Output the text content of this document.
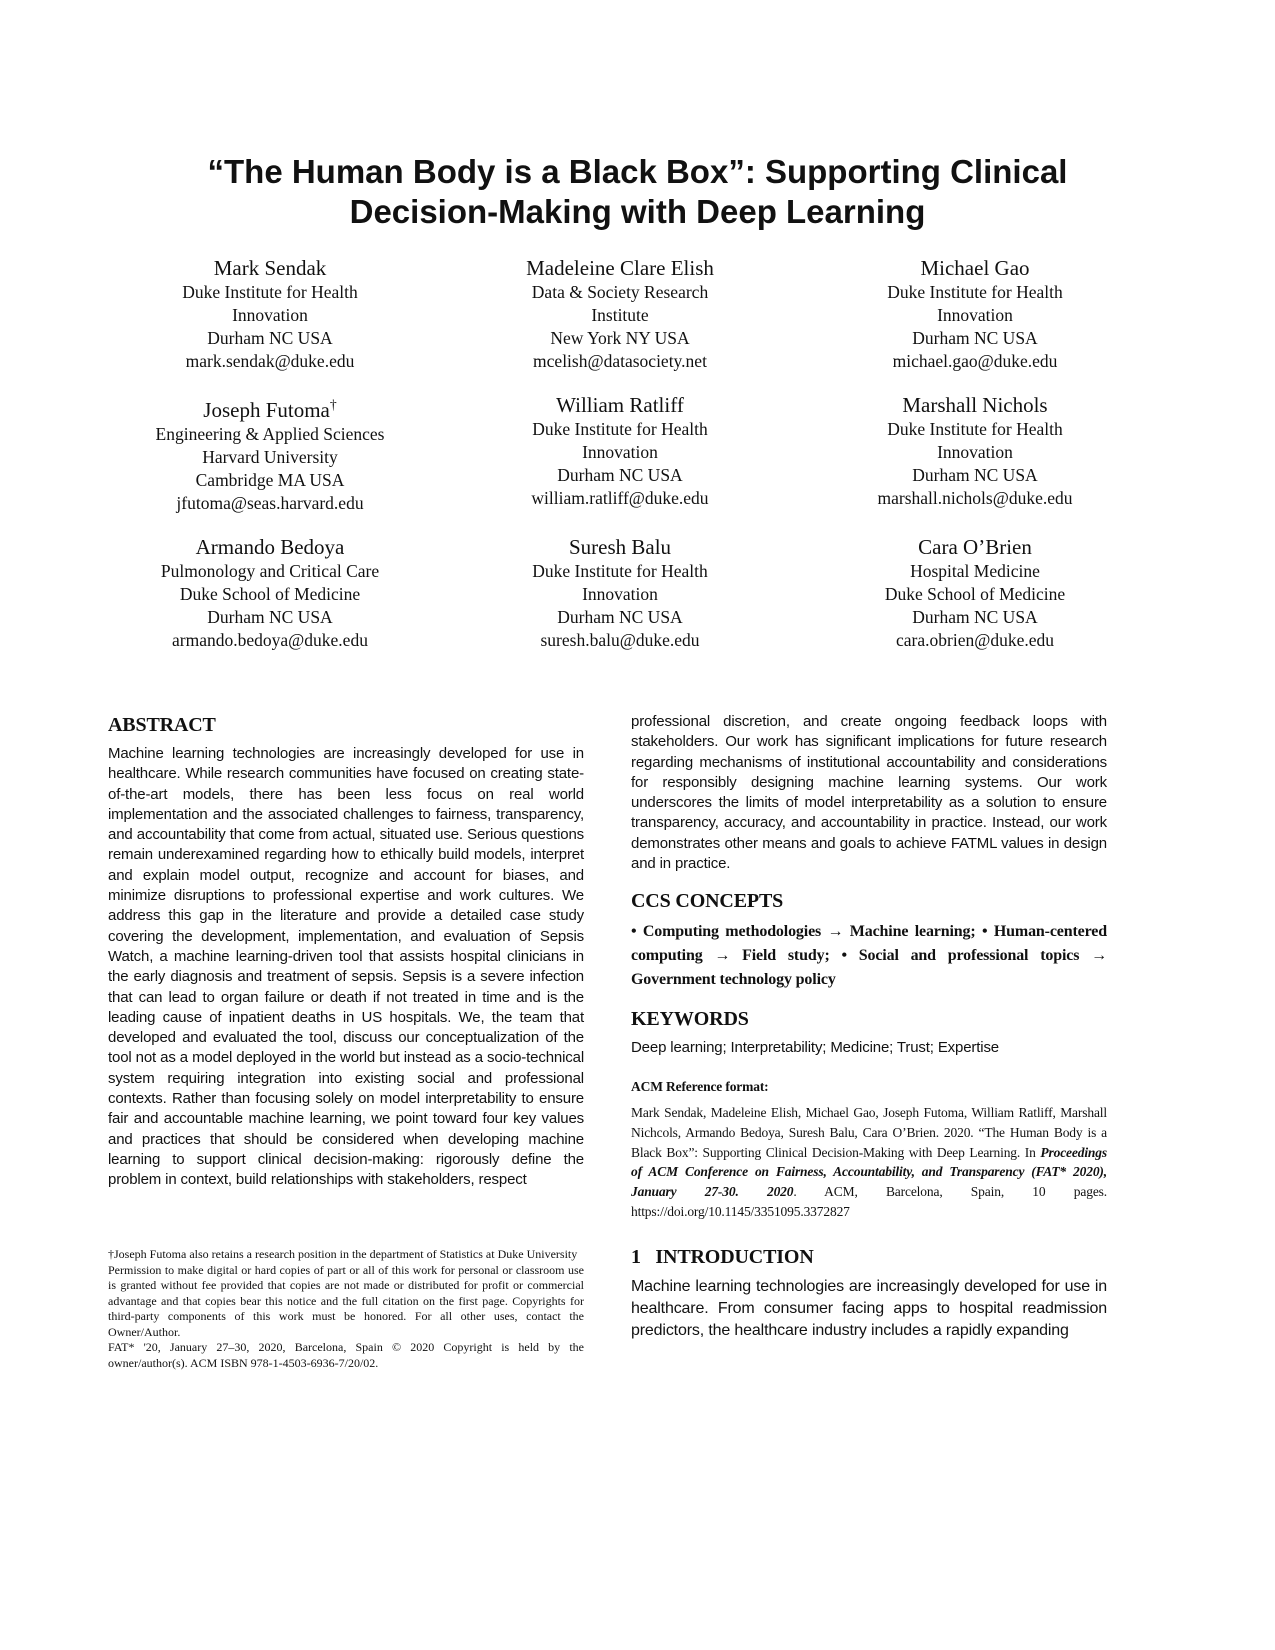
“The Human Body is a Black Box”: Supporting Clinical
Decision-Making with Deep Learning
Mark Sendak
Duke Institute for Health
Innovation
Durham NC USA
mark.sendak@duke.edu
Madeleine Clare Elish
Data & Society Research
Institute
New York NY USA
mcelish@datasociety.net
Michael Gao
Duke Institute for Health
Innovation
Durham NC USA
michael.gao@duke.edu
Joseph Futoma†
Engineering & Applied Sciences
Harvard University
Cambridge MA USA
jfutoma@seas.harvard.edu
William Ratliff
Duke Institute for Health
Innovation
Durham NC USA
william.ratliff@duke.edu
Marshall Nichols
Duke Institute for Health
Innovation
Durham NC USA
marshall.nichols@duke.edu
Armando Bedoya
Pulmonology and Critical Care
Duke School of Medicine
Durham NC USA
armando.bedoya@duke.edu
Suresh Balu
Duke Institute for Health
Innovation
Durham NC USA
suresh.balu@duke.edu
Cara O’Brien
Hospital Medicine
Duke School of Medicine
Durham NC USA
cara.obrien@duke.edu
ABSTRACT

Machine learning technologies are increasingly developed for use in healthcare. While research communities have focused on creating state-of-the-art models, there has been less focus on real world implementation and the associated challenges to fairness, transparency, and accountability that come from actual, situated use. Serious questions remain underexamined regarding how to ethically build models, interpret and explain model output, recognize and account for biases, and minimize disruptions to professional expertise and work cultures. We address this gap in the literature and provide a detailed case study covering the development, implementation, and evaluation of Sepsis Watch, a machine learning-driven tool that assists hospital clinicians in the early diagnosis and treatment of sepsis. Sepsis is a severe infection that can lead to organ failure or death if not treated in time and is the leading cause of inpatient deaths in US hospitals. We, the team that developed and evaluated the tool, discuss our conceptualization of the tool not as a model deployed in the world but instead as a socio-technical system requiring integration into existing social and professional contexts. Rather than focusing solely on model interpretability to ensure fair and accountable machine learning, we point toward four key values and practices that should be considered when developing machine learning to support clinical decision-making: rigorously define the problem in context, build relationships with stakeholders, respect

†Joseph Futoma also retains a research position in the department of Statistics at Duke University

Permission to make digital or hard copies of part or all of this work for personal or classroom use is granted without fee provided that copies are not made or distributed for profit or commercial advantage and that copies bear this notice and the full citation on the first page. Copyrights for third-party components of this work must be honored. For all other uses, contact the Owner/Author.

FAT* '20, January 27–30, 2020, Barcelona, Spain © 2020 Copyright is held by the owner/author(s). ACM ISBN 978-1-4503-6936-7/20/02.

professional discretion, and create ongoing feedback loops with stakeholders. Our work has significant implications for future research regarding mechanisms of institutional accountability and considerations for responsibly designing machine learning systems. Our work underscores the limits of model interpretability as a solution to ensure transparency, accuracy, and accountability in practice. Instead, our work demonstrates other means and goals to achieve FATML values in design and in practice.

CCS CONCEPTS
• Computing methodologies → Machine learning; • Human-centered computing → Field study; • Social and professional topics → Government technology policy
KEYWORDS

Deep learning; Interpretability; Medicine; Trust; Expertise

ACM Reference format:
Mark Sendak, Madeleine Elish, Michael Gao, Joseph Futoma, William Ratliff, Marshall Nichcols, Armando Bedoya, Suresh Balu, Cara O’Brien. 2020. “The Human Body is a Black Box”: Supporting Clinical Decision-Making with Deep Learning. In Proceedings of ACM Conference on Fairness, Accountability, and Transparency (FAT* 2020), January 27-30. 2020. ACM, Barcelona, Spain, 10 pages. https://doi.org/10.1145/3351095.3372827
1   INTRODUCTION

Machine learning technologies are increasingly developed for use in healthcare. From consumer facing apps to hospital readmission predictors, the healthcare industry includes a rapidly expanding
